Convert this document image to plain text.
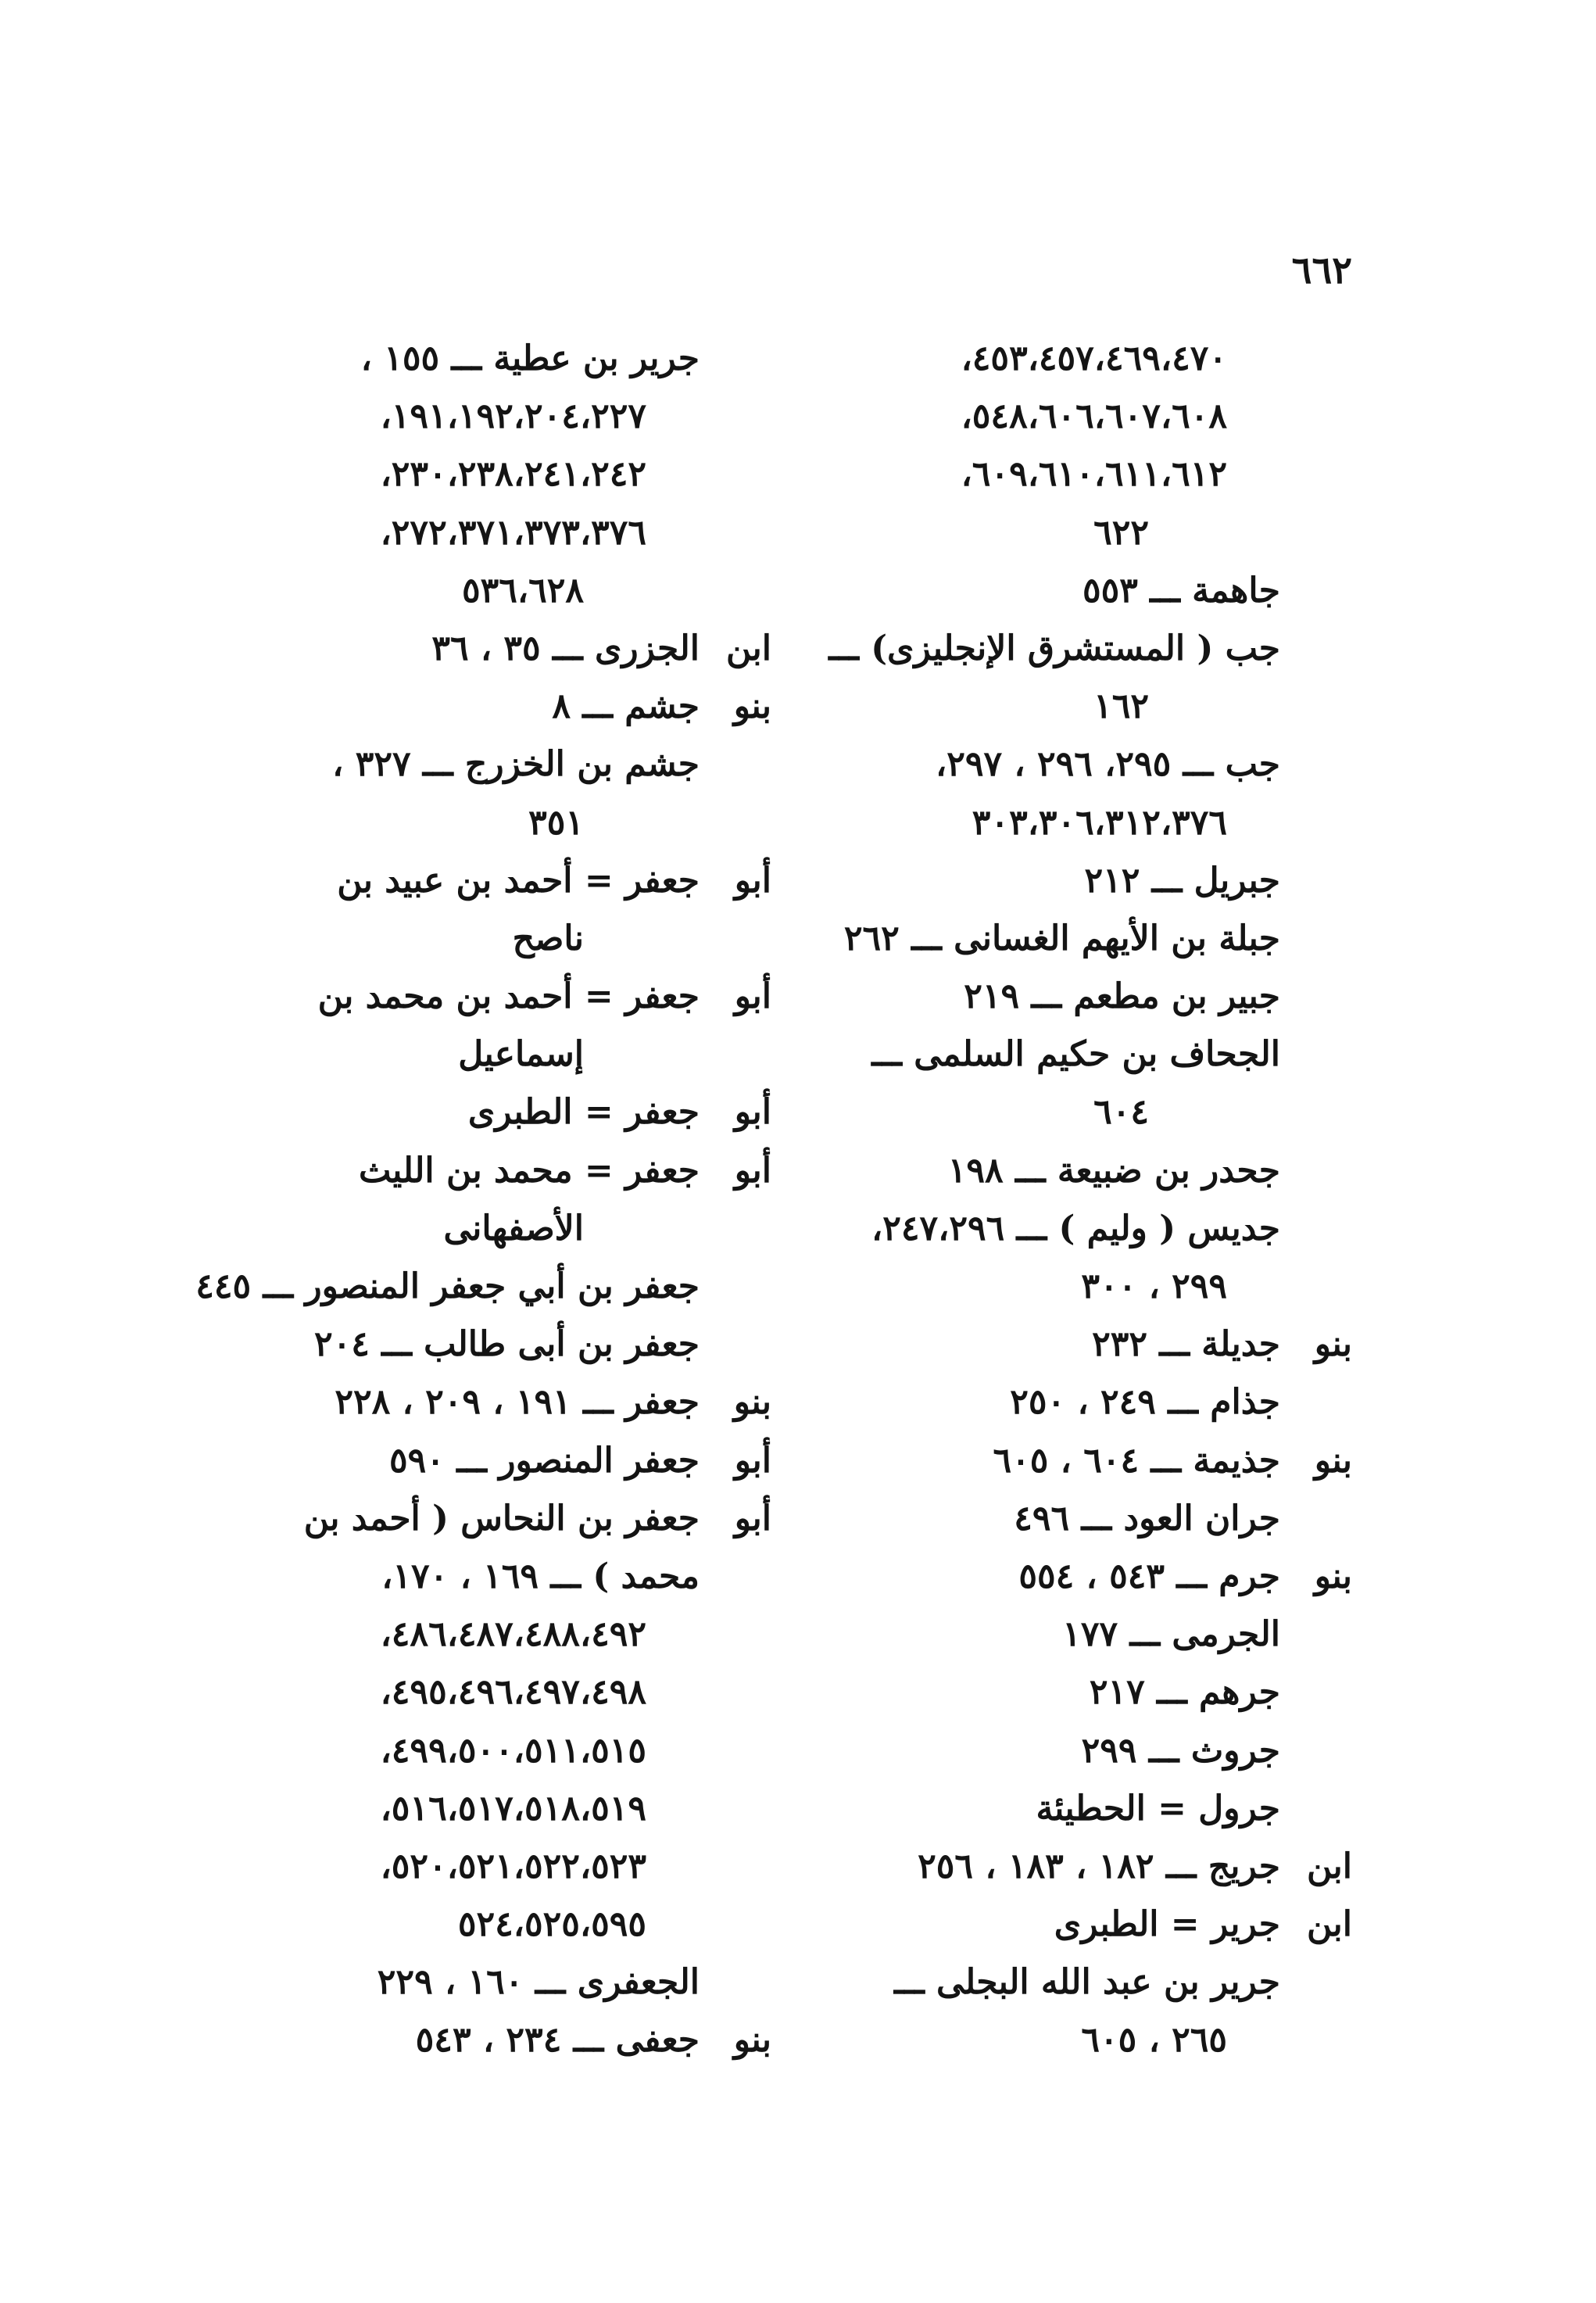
٦٦٢
٤٥٣،٤٥٧،٤٦٩،٤٧٠،
٥٤٨،٦٠٦،٦٠٧،٦٠٨،
٦٠٩،٦١٠،٦١١،٦١٢،
٦٢٢
جاهمة ـــ ٥٥٣
جب ( المستشرق الإنجليزى) ـــ
١٦٢
جب ـــ ٢٩٥، ٢٩٦ ، ٢٩٧،
٣٠٣،٣٠٦،٣١٢،٣٧٦
جبريل ـــ ٢١٢
جبلة بن الأيهم الغسانى ـــ ٢٦٢
جبير بن مطعم ـــ ٢١٩
الجحاف بن حكيم السلمى ـــ
٦٠٤
جحدر بن ضبيعة ـــ ١٩٨
جديس ( وليم ) ـــ ٢٤٧،٢٩٦،
٢٩٩ ، ٣٠٠
بنو
جديلة ـــ ٢٣٢
جذام ـــ ٢٤٩ ، ٢٥٠
بنو
جذيمة ـــ ٦٠٤ ، ٦٠٥
جران العود ـــ ٤٩٦
بنو
جرم ـــ ٥٤٣ ، ٥٥٤
الجرمى ـــ ١٧٧
جرهم ـــ ٢١٧
جروث ـــ ٢٩٩
جرول = الحطيئة
ابن
جريج ـــ ١٨٢ ، ١٨٣ ، ٢٥٦
ابن
جرير = الطبرى
جرير بن عبد الله البجلى ـــ
٢٦٥ ، ٦٠٥
جرير بن عطية ـــ ١٥٥ ،
١٩١،١٩٢،٢٠٤،٢٢٧،
٢٣٠،٢٣٨،٢٤١،٢٤٢،
٢٧٢،٣٧١،٣٧٣،٣٧٦،
٥٣٦،٦٢٨
ابن
الجزرى ـــ ٣٥ ، ٣٦
بنو
جشم ـــ ٨
جشم بن الخزرج ـــ ٣٢٧ ،
٣٥١
أبو
جعفر = أحمد بن عبيد بن
ناصح
أبو
جعفر = أحمد بن محمد بن
إسماعيل
أبو
جعفر = الطبرى
أبو
جعفر = محمد بن الليث
الأصفهانى
جعفر بن أبي جعفر المنصور ـــ ٤٤٥
جعفر بن أبى طالب ـــ ٢٠٤
بنو
جعفر ـــ ١٩١ ، ٢٠٩ ، ٢٢٨
أبو
جعفر المنصور ـــ ٥٩٠
أبو
جعفر بن النحاس ( أحمد بن
محمد ) ـــ ١٦٩ ، ١٧٠،
٤٨٦،٤٨٧،٤٨٨،٤٩٢،
٤٩٥،٤٩٦،٤٩٧،٤٩٨،
٤٩٩،٥٠٠،٥١١،٥١٥،
٥١٦،٥١٧،٥١٨،٥١٩،
٥٢٠،٥٢١،٥٢٢،٥٢٣،
٥٢٤،٥٢٥،٥٩٥
الجعفرى ـــ ١٦٠ ، ٢٢٩
بنو
جعفى ـــ ٢٣٤ ، ٥٤٣
